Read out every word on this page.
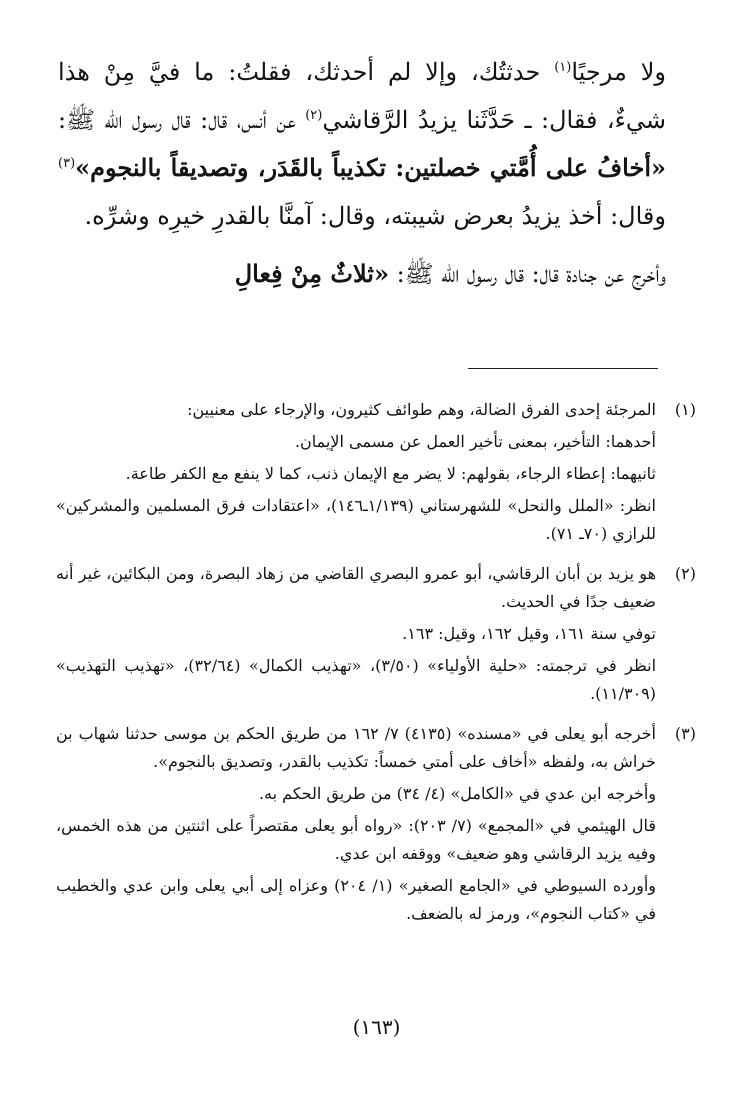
ولا مرجيًا$^{(١)}$ حدثتُك، وإلا لم أحدثك، فقلتُ: ما فيَّ مِنْ هذا شيءٌ، فقال: ـ حَدَّثَنا يزيدُ الرَّقاشي$^{(٢)}$ عن أنس، قال: قال رسول الله ﷺ: «أخافُ على أُمَّتي خصلتين: تكذيباً بالقَدَر، وتصديقاً بالنجوم»$^{(٣)}$ وقال: أخذ يزيدُ بعرض شيبته، وقال: آمنَّا بالقدرِ خيرِه وشرِّه.

وأخرج عن جنادة قال: قال رسول الله ﷺ: «ثلاثٌ مِنْ فِعالِ

(١)

المرجئة إحدى الفرق الضالة، وهم طوائف كثيرون، والإرجاء على معنيين:

أحدهما: التأخير، بمعنى تأخير العمل عن مسمى الإيمان.

ثانيهما: إعطاء الرجاء، بقولهم: لا يضر مع الإيمان ذنب، كما لا ينفع مع الكفر طاعة.

انظر: «الملل والنحل» للشهرستاني (١/١٣٩ـ١٤٦)، «اعتقادات فرق المسلمين والمشركين» للرازي (٧٠ـ ٧١).

(٢)

هو يزيد بن أبان الرقاشي، أبو عمرو البصري القاضي من زهاد البصرة، ومن البكائين، غير أنه ضعيف جدًا في الحديث.

توفي سنة ١٦١، وقيل ١٦٢، وقيل: ١٦٣.

انظر في ترجمته: «حلية الأولياء» (٣/٥٠)، «تهذيب الكمال» (٣٢/٦٤)، «تهذيب التهذيب» (١١/٣٠٩).

(٣)

أخرجه أبو يعلى في «مسنده» (٤١٣٥) ٧/ ١٦٢ من طريق الحكم بن موسى حدثنا شهاب بن خراش به، ولفظه «أخاف على أمتي خمساً: تكذيب بالقدر، وتصديق بالنجوم».

وأخرجه ابن عدي في «الكامل» (٤/ ٣٤) من طريق الحكم به.

قال الهيثمي في «المجمع» (٧/ ٢٠٣): «رواه أبو يعلى مقتصراً على اثنتين من هذه الخمس، وفيه يزيد الرقاشي وهو ضعيف» ووقفه ابن عدي.

وأورده السيوطي في «الجامع الصغير» (١/ ٢٠٤) وعزاه إلى أبي يعلى وابن عدي والخطيب في «كتاب النجوم»، ورمز له بالضعف.

(١٦٣)
